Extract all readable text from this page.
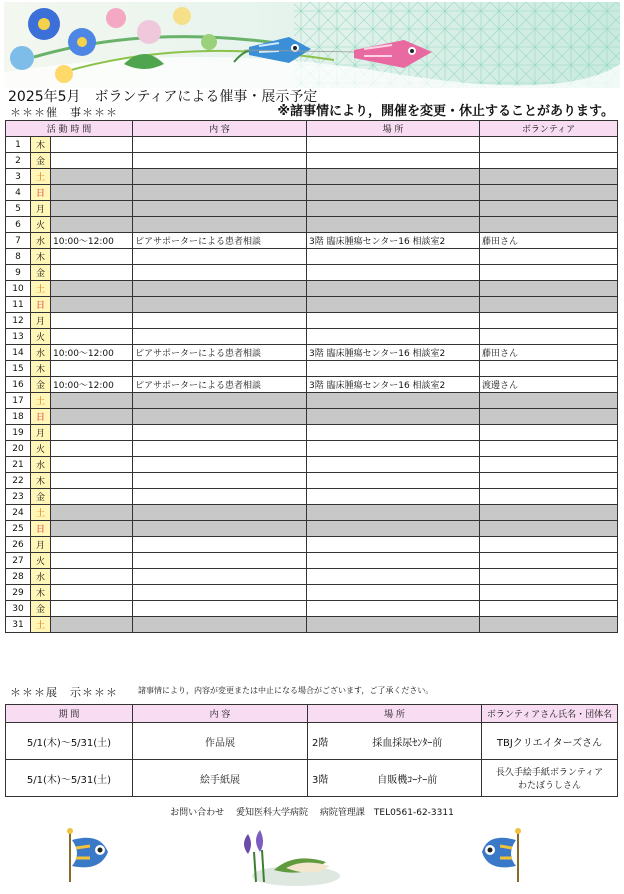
2025年5月　ボランティアによる催事・展示予定
＊＊＊催　事＊＊＊	※諸事情により，開催を変更・休止することがあります。
活 動 時 間			内 容	場 所	ボランティア
1	木				
2	金				
3	土				
4	日				
5	月				
6	火				
7	水	10:00～12:00	ピアサポーターによる患者相談	3階 臨床腫瘍センター16 相談室2	藤田さん
8	木				
9	金				
10	土				
11	日				
12	月				
13	火				
14	水	10:00～12:00	ピアサポーターによる患者相談	3階 臨床腫瘍センター16 相談室2	藤田さん
15	木				
16	金	10:00～12:00	ピアサポーターによる患者相談	3階 臨床腫瘍センター16 相談室2	渡邊さん
17	土				
18	日				
19	月				
20	火				
21	水				
22	木				
23	金				
24	土				
25	日				
26	月				
27	火				
28	水				
29	木				
30	金				
31	土				
＊＊＊展　示＊＊＊	諸事情により，内容が変更または中止になる場合がございます，ご了承ください。
期 間	内 容	場 所		ボランティアさん氏名・団体名
5/1(木)～5/31(土)	作品展	2階	採血採尿ｾﾝﾀｰ前	TBJクリエイターズさん

5/1(木)～5/31(土)	絵手紙展	3階	自販機ｺｰﾅｰ前	長久手絵手紙ボランティア
わたぼうしさん
お問い合わせ　 愛知医科大学病院　 病院管理課　TEL0561-62-3311
